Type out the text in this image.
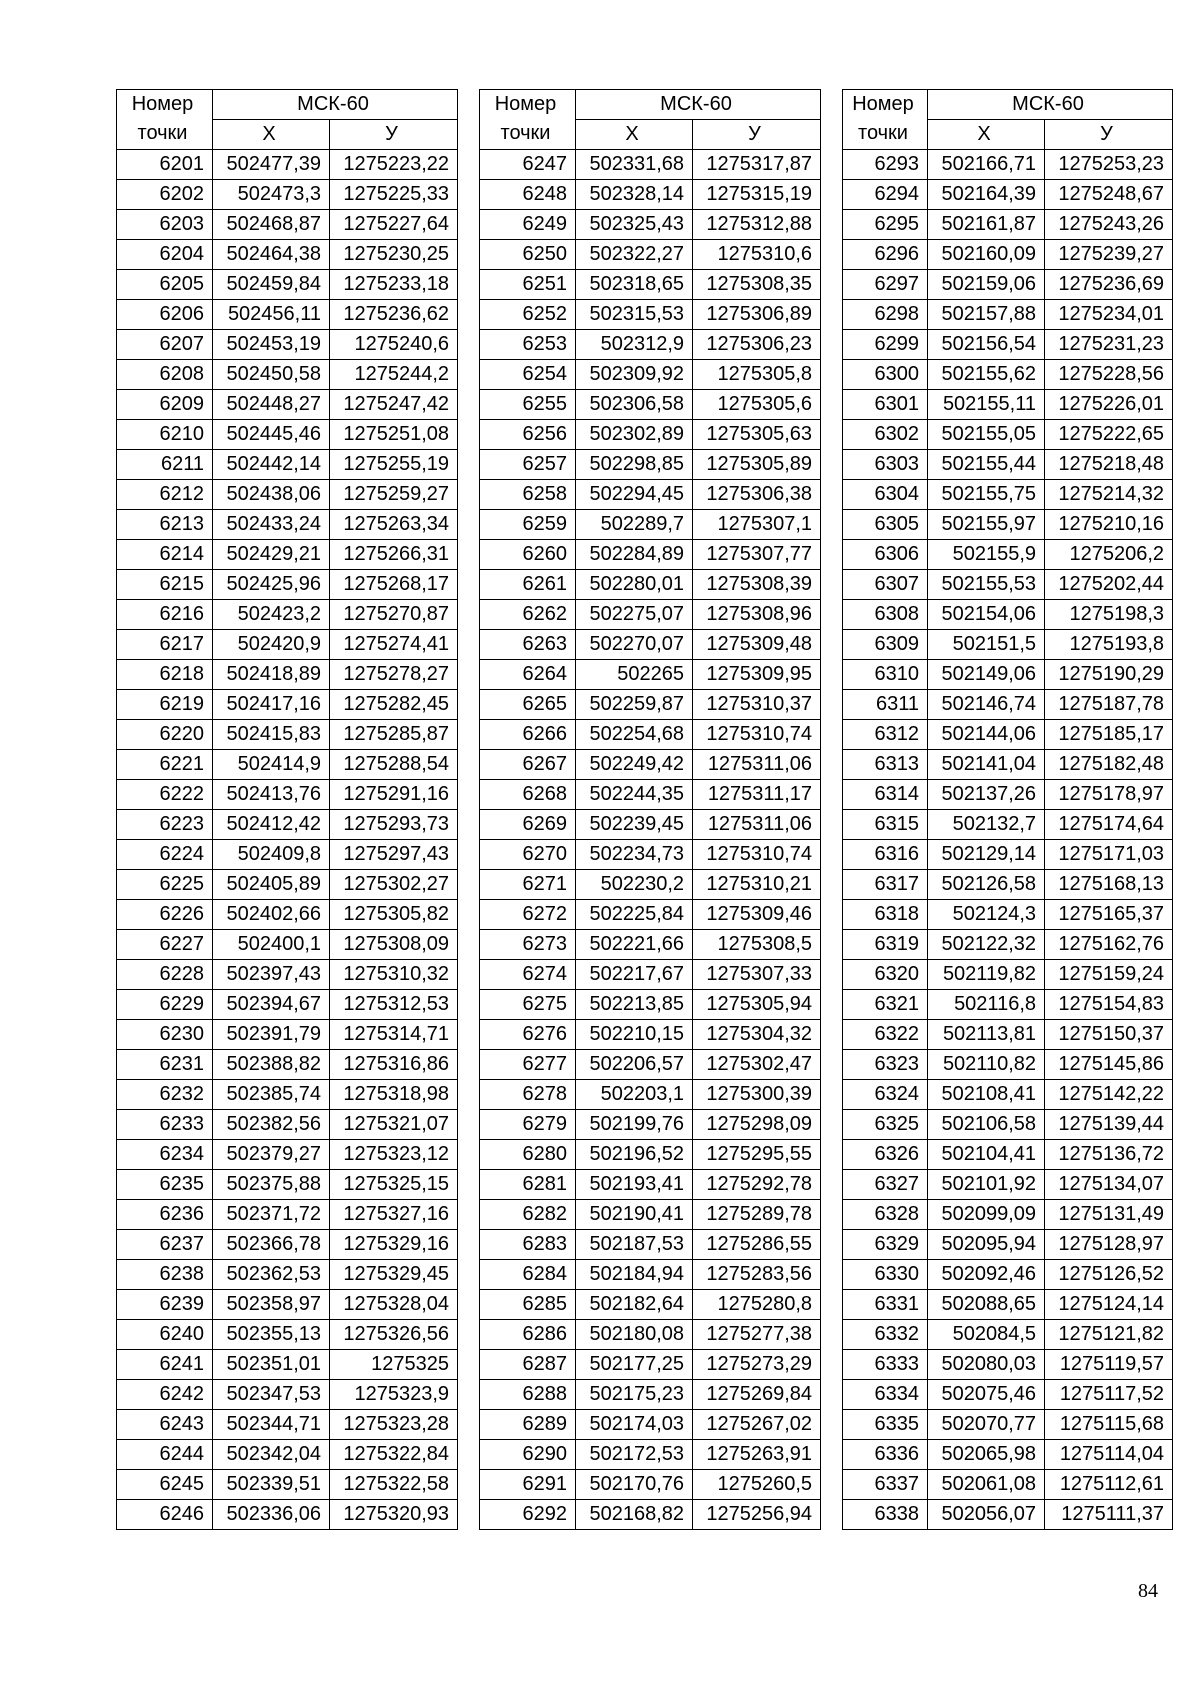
Номер
точки	МСК-60	
	Х	У
6201	502477,39	1275223,22
6202	502473,3	1275225,33
6203	502468,87	1275227,64
6204	502464,38	1275230,25
6205	502459,84	1275233,18
6206	502456,11	1275236,62
6207	502453,19	1275240,6
6208	502450,58	1275244,2
6209	502448,27	1275247,42
6210	502445,46	1275251,08
6211	502442,14	1275255,19
6212	502438,06	1275259,27
6213	502433,24	1275263,34
6214	502429,21	1275266,31
6215	502425,96	1275268,17
6216	502423,2	1275270,87
6217	502420,9	1275274,41
6218	502418,89	1275278,27
6219	502417,16	1275282,45
6220	502415,83	1275285,87
6221	502414,9	1275288,54
6222	502413,76	1275291,16
6223	502412,42	1275293,73
6224	502409,8	1275297,43
6225	502405,89	1275302,27
6226	502402,66	1275305,82
6227	502400,1	1275308,09
6228	502397,43	1275310,32
6229	502394,67	1275312,53
6230	502391,79	1275314,71
6231	502388,82	1275316,86
6232	502385,74	1275318,98
6233	502382,56	1275321,07
6234	502379,27	1275323,12
6235	502375,88	1275325,15
6236	502371,72	1275327,16
6237	502366,78	1275329,16
6238	502362,53	1275329,45
6239	502358,97	1275328,04
6240	502355,13	1275326,56
6241	502351,01	1275325
6242	502347,53	1275323,9
6243	502344,71	1275323,28
6244	502342,04	1275322,84
6245	502339,51	1275322,58
6246	502336,06	1275320,93
Номер
точки	МСК-60	
	Х	У
6247	502331,68	1275317,87
6248	502328,14	1275315,19
6249	502325,43	1275312,88
6250	502322,27	1275310,6
6251	502318,65	1275308,35
6252	502315,53	1275306,89
6253	502312,9	1275306,23
6254	502309,92	1275305,8
6255	502306,58	1275305,6
6256	502302,89	1275305,63
6257	502298,85	1275305,89
6258	502294,45	1275306,38
6259	502289,7	1275307,1
6260	502284,89	1275307,77
6261	502280,01	1275308,39
6262	502275,07	1275308,96
6263	502270,07	1275309,48
6264	502265	1275309,95
6265	502259,87	1275310,37
6266	502254,68	1275310,74
6267	502249,42	1275311,06
6268	502244,35	1275311,17
6269	502239,45	1275311,06
6270	502234,73	1275310,74
6271	502230,2	1275310,21
6272	502225,84	1275309,46
6273	502221,66	1275308,5
6274	502217,67	1275307,33
6275	502213,85	1275305,94
6276	502210,15	1275304,32
6277	502206,57	1275302,47
6278	502203,1	1275300,39
6279	502199,76	1275298,09
6280	502196,52	1275295,55
6281	502193,41	1275292,78
6282	502190,41	1275289,78
6283	502187,53	1275286,55
6284	502184,94	1275283,56
6285	502182,64	1275280,8
6286	502180,08	1275277,38
6287	502177,25	1275273,29
6288	502175,23	1275269,84
6289	502174,03	1275267,02
6290	502172,53	1275263,91
6291	502170,76	1275260,5
6292	502168,82	1275256,94
Номер
точки	МСК-60	
	Х	У
6293	502166,71	1275253,23
6294	502164,39	1275248,67
6295	502161,87	1275243,26
6296	502160,09	1275239,27
6297	502159,06	1275236,69
6298	502157,88	1275234,01
6299	502156,54	1275231,23
6300	502155,62	1275228,56
6301	502155,11	1275226,01
6302	502155,05	1275222,65
6303	502155,44	1275218,48
6304	502155,75	1275214,32
6305	502155,97	1275210,16
6306	502155,9	1275206,2
6307	502155,53	1275202,44
6308	502154,06	1275198,3
6309	502151,5	1275193,8
6310	502149,06	1275190,29
6311	502146,74	1275187,78
6312	502144,06	1275185,17
6313	502141,04	1275182,48
6314	502137,26	1275178,97
6315	502132,7	1275174,64
6316	502129,14	1275171,03
6317	502126,58	1275168,13
6318	502124,3	1275165,37
6319	502122,32	1275162,76
6320	502119,82	1275159,24
6321	502116,8	1275154,83
6322	502113,81	1275150,37
6323	502110,82	1275145,86
6324	502108,41	1275142,22
6325	502106,58	1275139,44
6326	502104,41	1275136,72
6327	502101,92	1275134,07
6328	502099,09	1275131,49
6329	502095,94	1275128,97
6330	502092,46	1275126,52
6331	502088,65	1275124,14
6332	502084,5	1275121,82
6333	502080,03	1275119,57
6334	502075,46	1275117,52
6335	502070,77	1275115,68
6336	502065,98	1275114,04
6337	502061,08	1275112,61
6338	502056,07	1275111,37
84
